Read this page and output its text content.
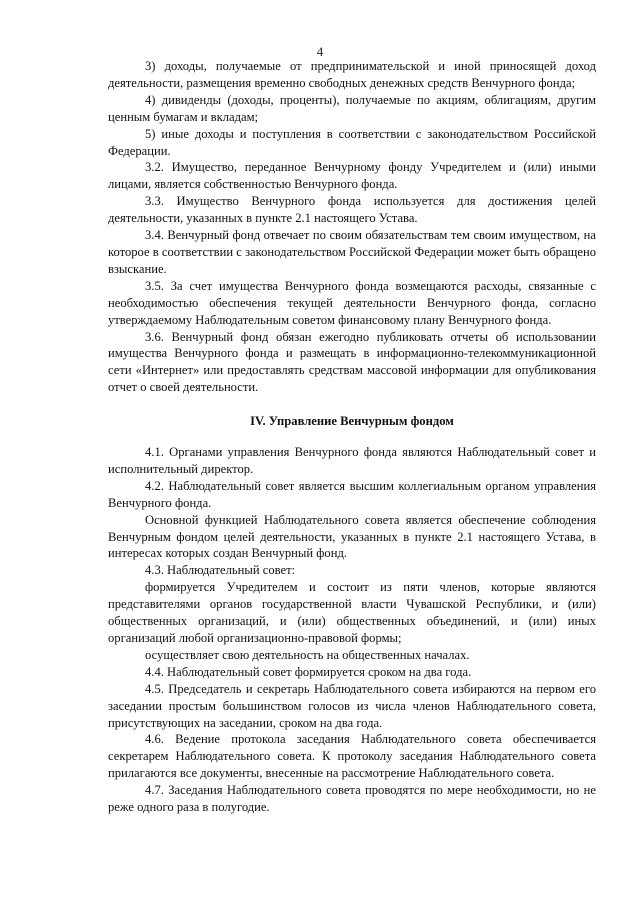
4

3) доходы, получаемые от предпринимательской и иной приносящей доход деятельности, размещения временно свободных денежных средств Венчурного фонда;

4) дивиденды (доходы, проценты), получаемые по акциям, облигациям, другим ценным бумагам и вкладам;

5) иные доходы и поступления в соответствии с законодательством Российской Федерации.

3.2. Имущество, переданное Венчурному фонду Учредителем и (или) иными лицами, является собственностью Венчурного фонда.

3.3. Имущество Венчурного фонда используется для достижения целей деятельности, указанных в пункте 2.1 настоящего Устава.

3.4. Венчурный фонд отвечает по своим обязательствам тем своим имуществом, на которое в соответствии с законодательством Российской Федерации может быть обращено взыскание.

3.5. За счет имущества Венчурного фонда возмещаются расходы, связанные с необходимостью обеспечения текущей деятельности Венчурного фонда, согласно утверждаемому Наблюдательным советом финансовому плану Венчурного фонда.

3.6. Венчурный фонд обязан ежегодно публиковать отчеты об использовании имущества Венчурного фонда и размещать в информационно-телекоммуникационной сети «Интернет» или предоставлять средствам массовой информации для опубликования отчет о своей деятельности.

IV. Управление Венчурным фондом

4.1. Органами управления Венчурного фонда являются Наблюдательный совет и исполнительный директор.

4.2. Наблюдательный совет является высшим коллегиальным органом управления Венчурного фонда.

Основной функцией Наблюдательного совета является обеспечение соблюдения Венчурным фондом целей деятельности, указанных в пункте 2.1 настоящего Устава, в интересах которых создан Венчурный фонд.

4.3. Наблюдательный совет:

формируется Учредителем и состоит из пяти членов, которые являются представителями органов государственной власти Чувашской Республики, и (или) общественных организаций, и (или) общественных объединений, и (или) иных организаций любой организационно-правовой формы;

осуществляет свою деятельность на общественных началах.

4.4. Наблюдательный совет формируется сроком на два года.

4.5. Председатель и секретарь Наблюдательного совета избираются на первом его заседании простым большинством голосов из числа членов Наблюдательного совета, присутствующих на заседании, сроком на два года.

4.6. Ведение протокола заседания Наблюдательного совета обеспечивается секретарем Наблюдательного совета. К протоколу заседания Наблюдательного совета прилагаются все документы, внесенные на рассмотрение Наблюдательного совета.

4.7. Заседания Наблюдательного совета проводятся по мере необходимости, но не реже одного раза в полугодие.
